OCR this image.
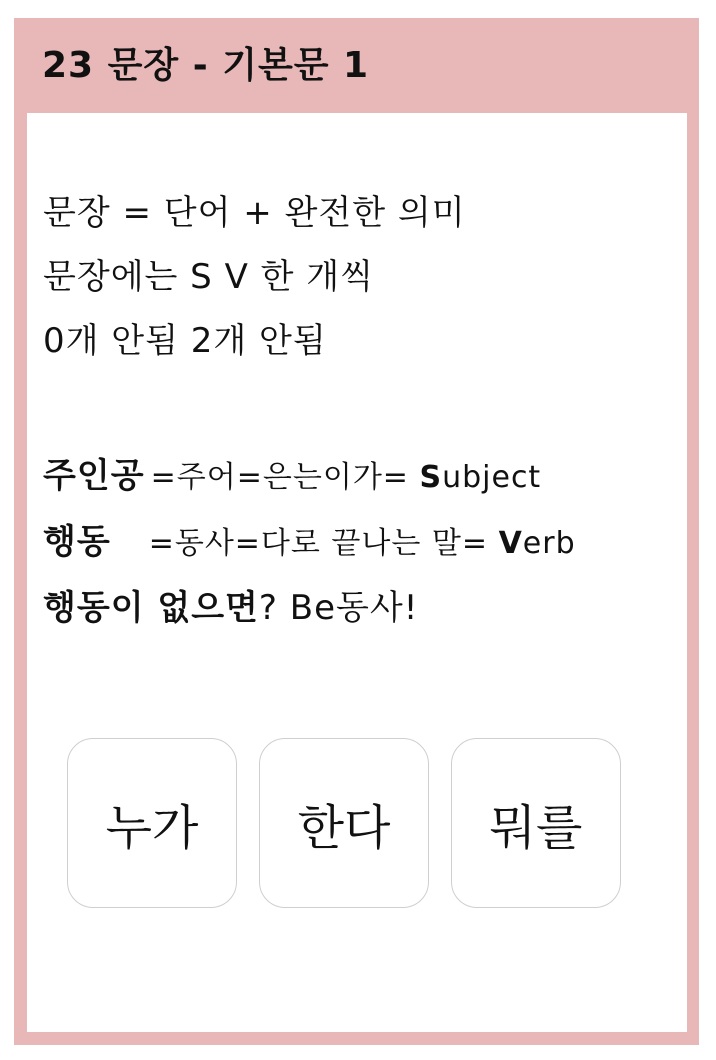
23 문장 - 기본문 1
문장 = 단어 + 완전한 의미
문장에는 S V 한 개씩
0개 안됨 2개 안됨
주인공 =주어=은는이가= Subject
행동 =동사=다로 끝나는 말= Verb
행동이 없으면? Be동사!
누가	한다	뭐를
